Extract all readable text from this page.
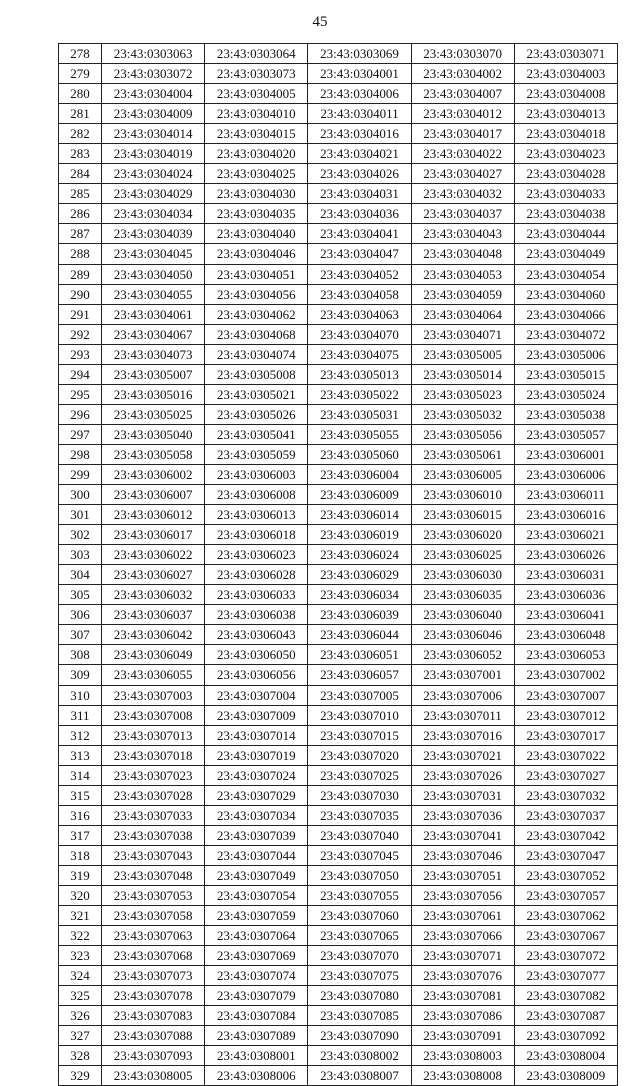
45
278	23:43:0303063	23:43:0303064	23:43:0303069	23:43:0303070	23:43:0303071
279	23:43:0303072	23:43:0303073	23:43:0304001	23:43:0304002	23:43:0304003
280	23:43:0304004	23:43:0304005	23:43:0304006	23:43:0304007	23:43:0304008
281	23:43:0304009	23:43:0304010	23:43:0304011	23:43:0304012	23:43:0304013
282	23:43:0304014	23:43:0304015	23:43:0304016	23:43:0304017	23:43:0304018
283	23:43:0304019	23:43:0304020	23:43:0304021	23:43:0304022	23:43:0304023
284	23:43:0304024	23:43:0304025	23:43:0304026	23:43:0304027	23:43:0304028
285	23:43:0304029	23:43:0304030	23:43:0304031	23:43:0304032	23:43:0304033
286	23:43:0304034	23:43:0304035	23:43:0304036	23:43:0304037	23:43:0304038
287	23:43:0304039	23:43:0304040	23:43:0304041	23:43:0304043	23:43:0304044
288	23:43:0304045	23:43:0304046	23:43:0304047	23:43:0304048	23:43:0304049
289	23:43:0304050	23:43:0304051	23:43:0304052	23:43:0304053	23:43:0304054
290	23:43:0304055	23:43:0304056	23:43:0304058	23:43:0304059	23:43:0304060
291	23:43:0304061	23:43:0304062	23:43:0304063	23:43:0304064	23:43:0304066
292	23:43:0304067	23:43:0304068	23:43:0304070	23:43:0304071	23:43:0304072
293	23:43:0304073	23:43:0304074	23:43:0304075	23:43:0305005	23:43:0305006
294	23:43:0305007	23:43:0305008	23:43:0305013	23:43:0305014	23:43:0305015
295	23:43:0305016	23:43:0305021	23:43:0305022	23:43:0305023	23:43:0305024
296	23:43:0305025	23:43:0305026	23:43:0305031	23:43:0305032	23:43:0305038
297	23:43:0305040	23:43:0305041	23:43:0305055	23:43:0305056	23:43:0305057
298	23:43:0305058	23:43:0305059	23:43:0305060	23:43:0305061	23:43:0306001
299	23:43:0306002	23:43:0306003	23:43:0306004	23:43:0306005	23:43:0306006
300	23:43:0306007	23:43:0306008	23:43:0306009	23:43:0306010	23:43:0306011
301	23:43:0306012	23:43:0306013	23:43:0306014	23:43:0306015	23:43:0306016
302	23:43:0306017	23:43:0306018	23:43:0306019	23:43:0306020	23:43:0306021
303	23:43:0306022	23:43:0306023	23:43:0306024	23:43:0306025	23:43:0306026
304	23:43:0306027	23:43:0306028	23:43:0306029	23:43:0306030	23:43:0306031
305	23:43:0306032	23:43:0306033	23:43:0306034	23:43:0306035	23:43:0306036
306	23:43:0306037	23:43:0306038	23:43:0306039	23:43:0306040	23:43:0306041
307	23:43:0306042	23:43:0306043	23:43:0306044	23:43:0306046	23:43:0306048
308	23:43:0306049	23:43:0306050	23:43:0306051	23:43:0306052	23:43:0306053
309	23:43:0306055	23:43:0306056	23:43:0306057	23:43:0307001	23:43:0307002
310	23:43:0307003	23:43:0307004	23:43:0307005	23:43:0307006	23:43:0307007
311	23:43:0307008	23:43:0307009	23:43:0307010	23:43:0307011	23:43:0307012
312	23:43:0307013	23:43:0307014	23:43:0307015	23:43:0307016	23:43:0307017
313	23:43:0307018	23:43:0307019	23:43:0307020	23:43:0307021	23:43:0307022
314	23:43:0307023	23:43:0307024	23:43:0307025	23:43:0307026	23:43:0307027
315	23:43:0307028	23:43:0307029	23:43:0307030	23:43:0307031	23:43:0307032
316	23:43:0307033	23:43:0307034	23:43:0307035	23:43:0307036	23:43:0307037
317	23:43:0307038	23:43:0307039	23:43:0307040	23:43:0307041	23:43:0307042
318	23:43:0307043	23:43:0307044	23:43:0307045	23:43:0307046	23:43:0307047
319	23:43:0307048	23:43:0307049	23:43:0307050	23:43:0307051	23:43:0307052
320	23:43:0307053	23:43:0307054	23:43:0307055	23:43:0307056	23:43:0307057
321	23:43:0307058	23:43:0307059	23:43:0307060	23:43:0307061	23:43:0307062
322	23:43:0307063	23:43:0307064	23:43:0307065	23:43:0307066	23:43:0307067
323	23:43:0307068	23:43:0307069	23:43:0307070	23:43:0307071	23:43:0307072
324	23:43:0307073	23:43:0307074	23:43:0307075	23:43:0307076	23:43:0307077
325	23:43:0307078	23:43:0307079	23:43:0307080	23:43:0307081	23:43:0307082
326	23:43:0307083	23:43:0307084	23:43:0307085	23:43:0307086	23:43:0307087
327	23:43:0307088	23:43:0307089	23:43:0307090	23:43:0307091	23:43:0307092
328	23:43:0307093	23:43:0308001	23:43:0308002	23:43:0308003	23:43:0308004
329	23:43:0308005	23:43:0308006	23:43:0308007	23:43:0308008	23:43:0308009
